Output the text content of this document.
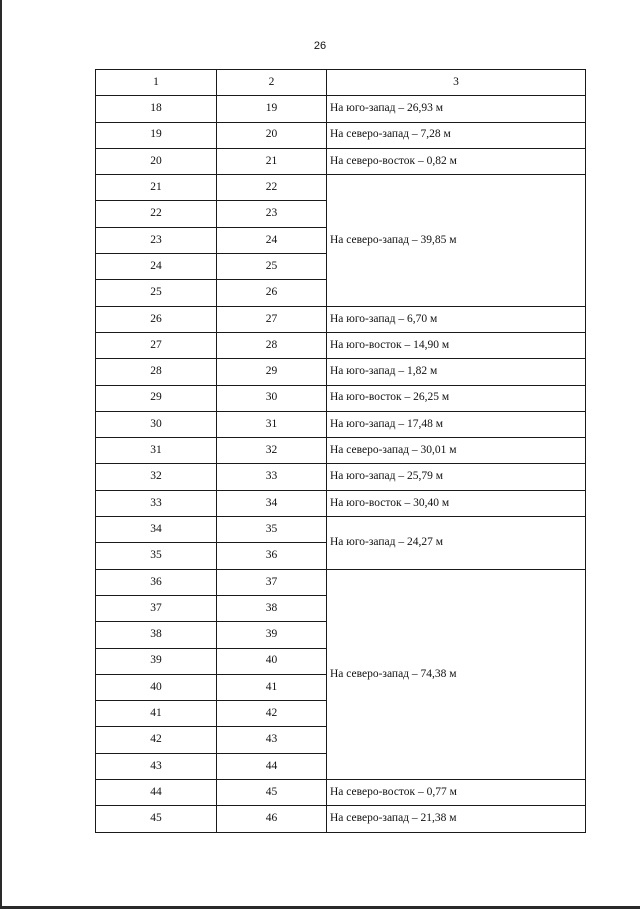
26
1	2	3
18	19	На юго-запад – 26,93 м
19	20	На северо-запад – 7,28 м
20	21	На северо-восток – 0,82 м
21	22	На северо-запад – 39,85 м
22	23	
23	24	
24	25	
25	26	
26	27	На юго-запад – 6,70 м
27	28	На юго-восток – 14,90 м
28	29	На юго-запад – 1,82 м
29	30	На юго-восток – 26,25 м
30	31	На юго-запад – 17,48 м
31	32	На северо-запад – 30,01 м
32	33	На юго-запад – 25,79 м
33	34	На юго-восток – 30,40 м
34	35	На юго-запад – 24,27 м
35	36	
36	37	На северо-запад – 74,38 м
37	38	
38	39	
39	40	
40	41	
41	42	
42	43	
43	44	
44	45	На северо-восток – 0,77 м
45	46	На северо-запад – 21,38 м
